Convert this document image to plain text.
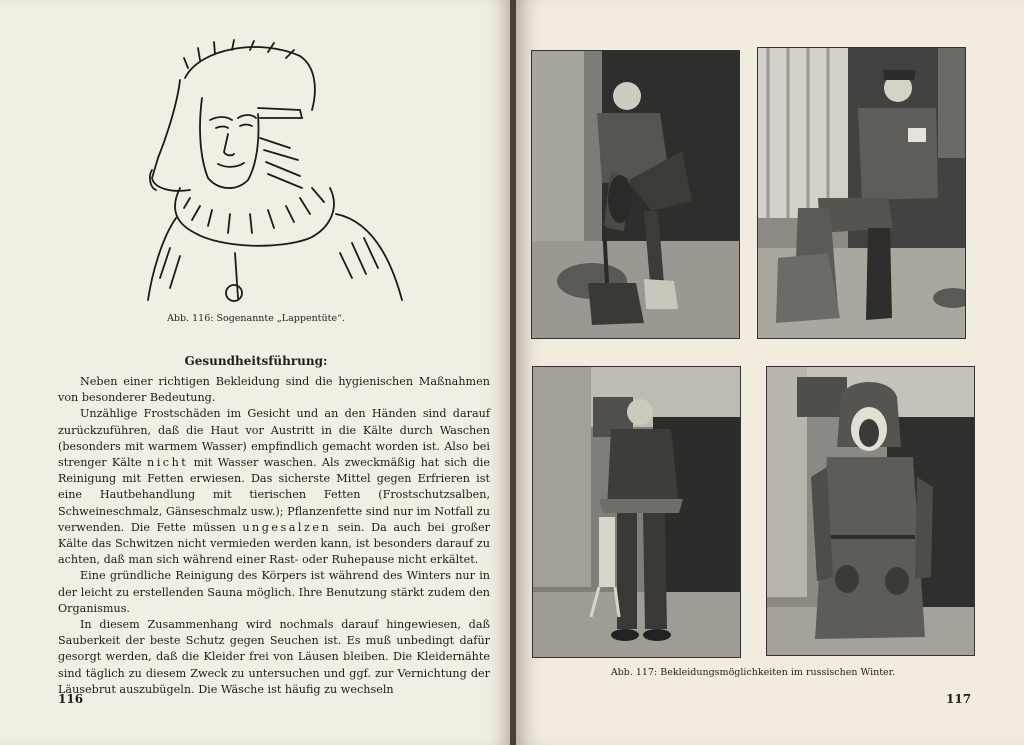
Abb. 116: Sogenannte „Lappentüte“.
Gesundheitsführung:

Neben einer richtigen Bekleidung sind die hygienischen Maßnahmen von besonderer Bedeutung.

Unzählige Frostschäden im Gesicht und an den Händen sind darauf zurückzuführen, daß die Haut vor Austritt in die Kälte durch Waschen (besonders mit warmem Wasser) empfindlich gemacht worden ist. Also bei strenger Kälte nicht mit Wasser waschen. Als zweckmäßig hat sich die Reinigung mit Fetten erwiesen. Das sicherste Mittel gegen Erfrieren ist eine Hautbehandlung mit tierischen Fetten (Frostschutzsalben, Schweineschmalz, Gänseschmalz usw.); Pflanzenfette sind nur im Notfall zu verwenden. Die Fette müssen ungesalzen sein. Da auch bei großer Kälte das Schwitzen nicht vermieden werden kann, ist besonders darauf zu achten, daß man sich während einer Rast- oder Ruhepause nicht erkältet.

Eine gründliche Reinigung des Körpers ist während des Winters nur in der leicht zu erstellenden Sauna möglich. Ihre Benutzung stärkt zudem den Organismus.

In diesem Zusammenhang wird nochmals darauf hingewiesen, daß Sauberkeit der beste Schutz gegen Seuchen ist. Es muß unbedingt dafür gesorgt werden, daß die Kleider frei von Läusen bleiben. Die Kleidernähte sind täglich zu diesem Zweck zu untersuchen und ggf. zur Vernichtung der Läusebrut auszubügeln. Die Wäsche ist häufig zu wechseln

116
Abb. 117: Bekleidungsmöglichkeiten im russischen Winter.
117
